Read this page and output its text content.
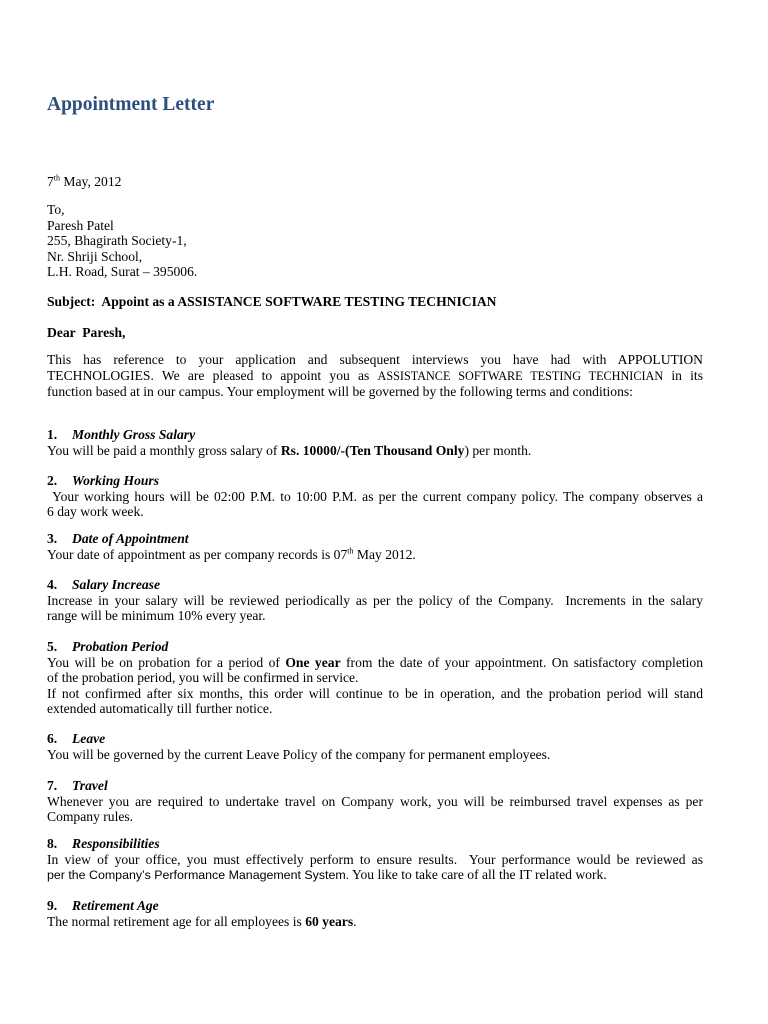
Appointment Letter
7th May, 2012
To,
Paresh Patel
255, Bhagirath Society-1,
Nr. Shriji School,
L.H. Road, Surat – 395006.
Subject: Appoint as a ASSISTANCE SOFTWARE TESTING TECHNICIAN
Dear  Paresh,
This has reference to your application and subsequent interviews you have had with APPOLUTION
TECHNOLOGIES. We are pleased to appoint you as ASSISTANCE SOFTWARE TESTING TECHNICIAN in its
function based at in our campus. Your employment will be governed by the following terms and conditions:
1. Monthly Gross Salary
You will be paid a monthly gross salary of Rs. 10000/-(Ten Thousand Only) per month.
2. Working Hours
Your working hours will be 02:00 P.M. to 10:00 P.M. as per the current company policy. The company observes a
6 day work week.
3. Date of Appointment
Your date of appointment as per company records is 07th May 2012.
4. Salary Increase
Increase in your salary will be reviewed periodically as per the policy of the Company.  Increments in the salary
range will be minimum 10% every year.
5. Probation Period
You will be on probation for a period of One year from the date of your appointment. On satisfactory completion
of the probation period, you will be confirmed in service.
If not confirmed after six months, this order will continue to be in operation, and the probation period will stand
extended automatically till further notice.
6. Leave
You will be governed by the current Leave Policy of the company for permanent employees.
7. Travel
Whenever you are required to undertake travel on Company work, you will be reimbursed travel expenses as per
Company rules.
8. Responsibilities
In view of your office, you must effectively perform to ensure results.  Your performance would be reviewed as
per the Company’s Performance Management System. You like to take care of all the IT related work.
9. Retirement Age
The normal retirement age for all employees is 60 years.
